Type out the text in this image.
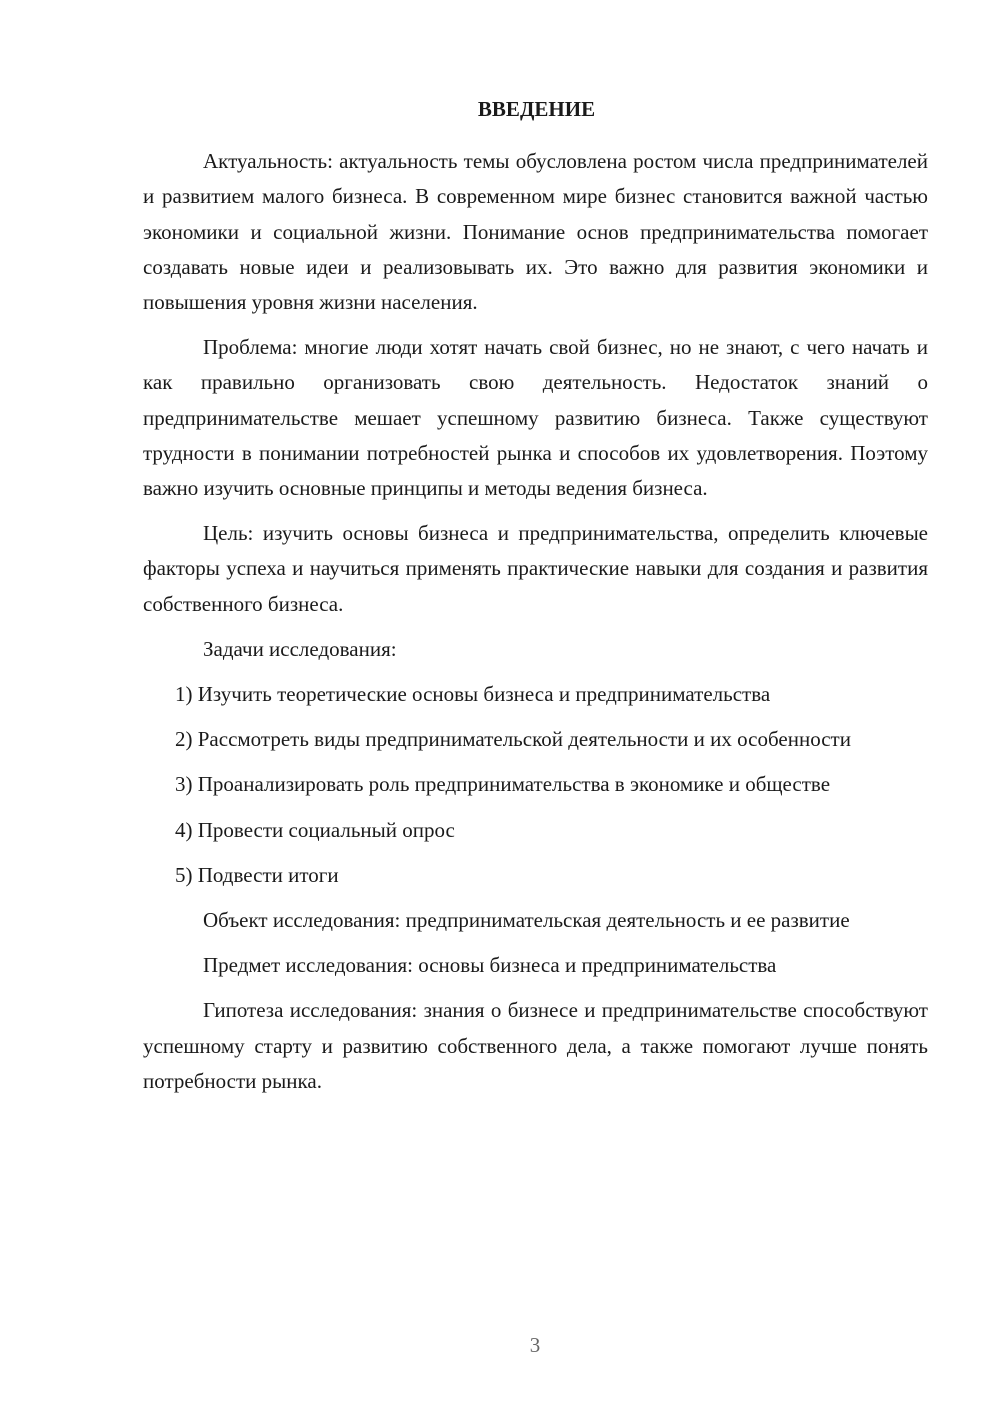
ВВЕДЕНИЕ

Актуальность: актуальность темы обусловлена ростом числа предпринимателей и развитием малого бизнеса. В современном мире бизнес становится важной частью экономики и социальной жизни. Понимание основ предпринимательства помогает создавать новые идеи и реализовывать их. Это важно для развития экономики и повышения уровня жизни населения.

Проблема: многие люди хотят начать свой бизнес, но не знают, с чего начать и как правильно организовать свою деятельность. Недостаток знаний о предпринимательстве мешает успешному развитию бизнеса. Также существуют трудности в понимании потребностей рынка и способов их удовлетворения. Поэтому важно изучить основные принципы и методы ведения бизнеса.

Цель: изучить основы бизнеса и предпринимательства, определить ключевые факторы успеха и научиться применять практические навыки для создания и развития собственного бизнеса.

Задачи исследования:

1) Изучить теоретические основы бизнеса и предпринимательства

2) Рассмотреть виды предпринимательской деятельности и их особенности

3) Проанализировать роль предпринимательства в экономике и обществе

4) Провести социальный опрос

5) Подвести итоги

Объект исследования: предпринимательская деятельность и ее развитие

Предмет исследования: основы бизнеса и предпринимательства

Гипотеза исследования: знания о бизнесе и предпринимательстве способствуют успешному старту и развитию собственного дела, а также помогают лучше понять потребности рынка.

3
